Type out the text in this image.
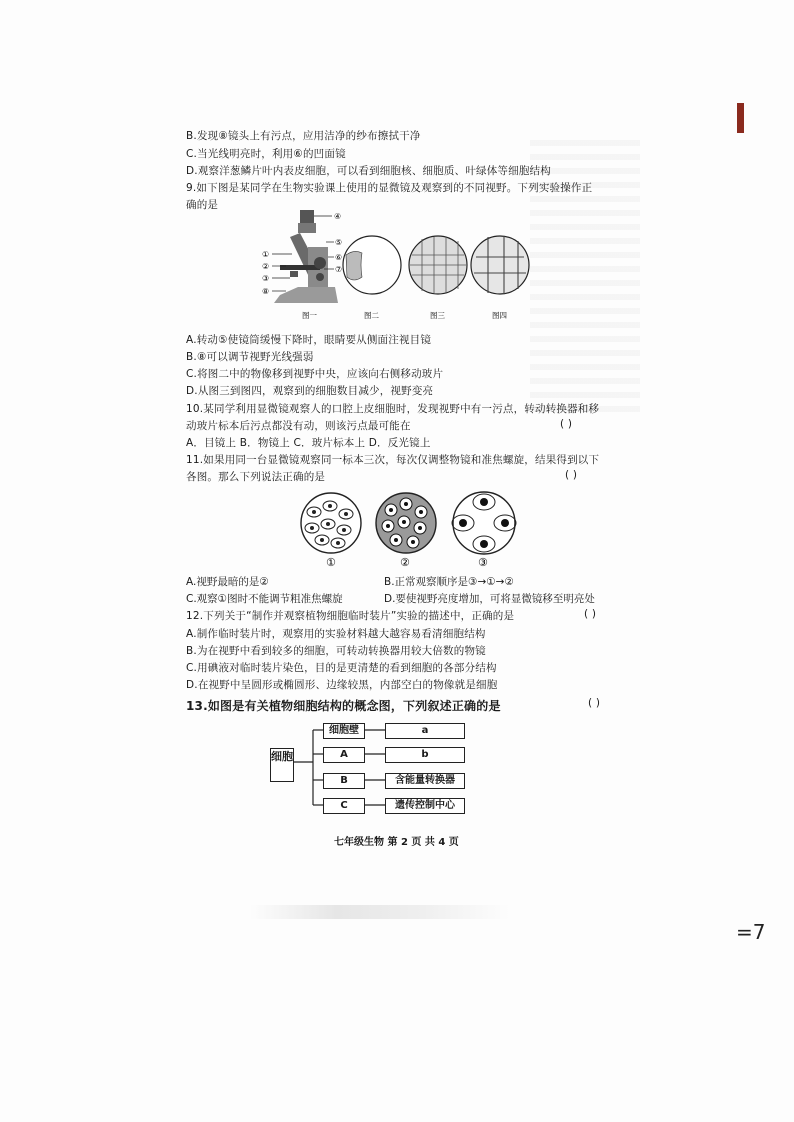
B.发现⑧镜头上有污点，应用洁净的纱布擦拭干净
C.当光线明亮时，利用⑥的凹面镜
D.观察洋葱鳞片叶内表皮细胞，可以看到细胞核、细胞质、叶绿体等细胞结构
9.如下图是某同学在生物实验课上使用的显微镜及观察到的不同视野。下列实验操作正
确的是
④
⑤
①
②
③
⑥
⑦
⑧
图一	图二	图三	图四
A.转动⑤使镜筒缓慢下降时，眼睛要从侧面注视目镜
B.⑧可以调节视野光线强弱
C.将图二中的物像移到视野中央，应该向右侧移动玻片
D.从图三到图四，观察到的细胞数目减少，视野变亮
10.某同学利用显微镜观察人的口腔上皮细胞时，发现视野中有一污点，转动转换器和移
动玻片标本后污点都没有动，则该污点最可能在	( )
A．目镜上 B．物镜上 C．玻片标本上 D．反光镜上
11.如果用同一台显微镜观察同一标本三次，每次仅调整物镜和准焦螺旋，结果得到以下
各图。那么下列说法正确的是	( )
①	②	③
A.视野最暗的是②	B.正常观察顺序是③→①→②
C.观察①图时不能调节粗准焦螺旋	D.要使视野亮度增加，可将显微镜移至明亮处
12.下列关于“制作并观察植物细胞临时装片”实验的描述中，正确的是	( )
A.制作临时装片时，观察用的实验材料越大越容易看清细胞结构
B.为在视野中看到较多的细胞，可转动转换器用较大倍数的物镜
C.用碘液对临时装片染色，目的是更清楚的看到细胞的各部分结构
D.在视野中呈圆形或椭圆形、边缘较黑，内部空白的物像就是细胞
13.如图是有关植物细胞结构的概念图，下列叙述正确的是	( )
细胞
细胞壁
A
B
C
a
b
含能量转换器
遗传控制中心
七年级生物 第 2 页 共 4 页
=7
